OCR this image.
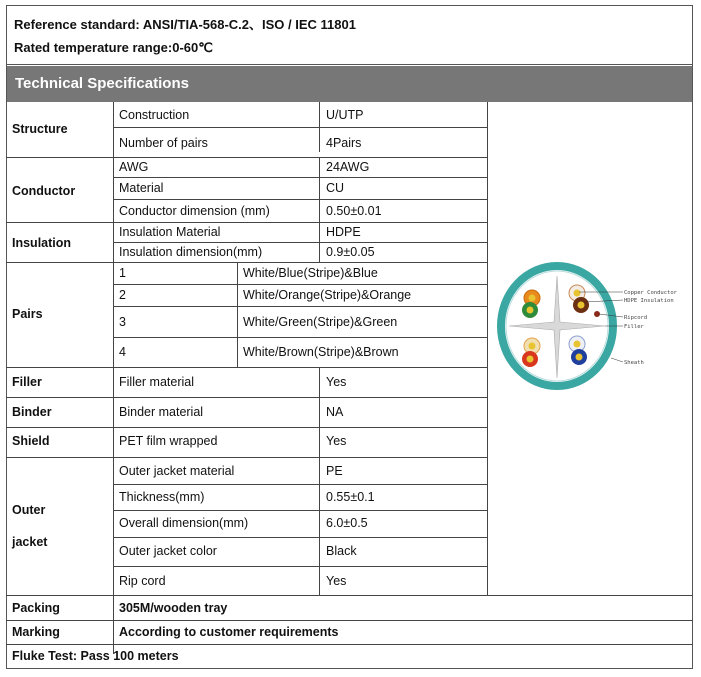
Reference standard: ANSI/TIA-568-C.2、ISO / IEC 11801
Rated temperature range:0-60℃
Technical Specifications
Structure
Construction	U/UTP
Number of pairs	4Pairs
Conductor
AWG	24AWG
Material	CU
Conductor dimension (mm)	0.50±0.01
Insulation
Insulation Material	HDPE
Insulation dimension(mm)	0.9±0.05
Pairs
1	White/Blue(Stripe)&Blue
2	White/Orange(Stripe)&Orange
3	White/Green(Stripe)&Green
4	White/Brown(Stripe)&Brown
Filler	Filler material	Yes
Binder	Binder material	NA
Shield	PET film wrapped	Yes
Outer
jacket
Outer jacket material	PE
Thickness(mm)	0.55±0.1
Overall dimension(mm)	6.0±0.5
Outer jacket color	Black
Rip cord	Yes
Packing	305M/wooden tray
Marking	According to customer requirements
Fluke Test: Pass 100 meters
Copper Conductor
HDPE Insulation
Ripcord
Filler
Sheath
